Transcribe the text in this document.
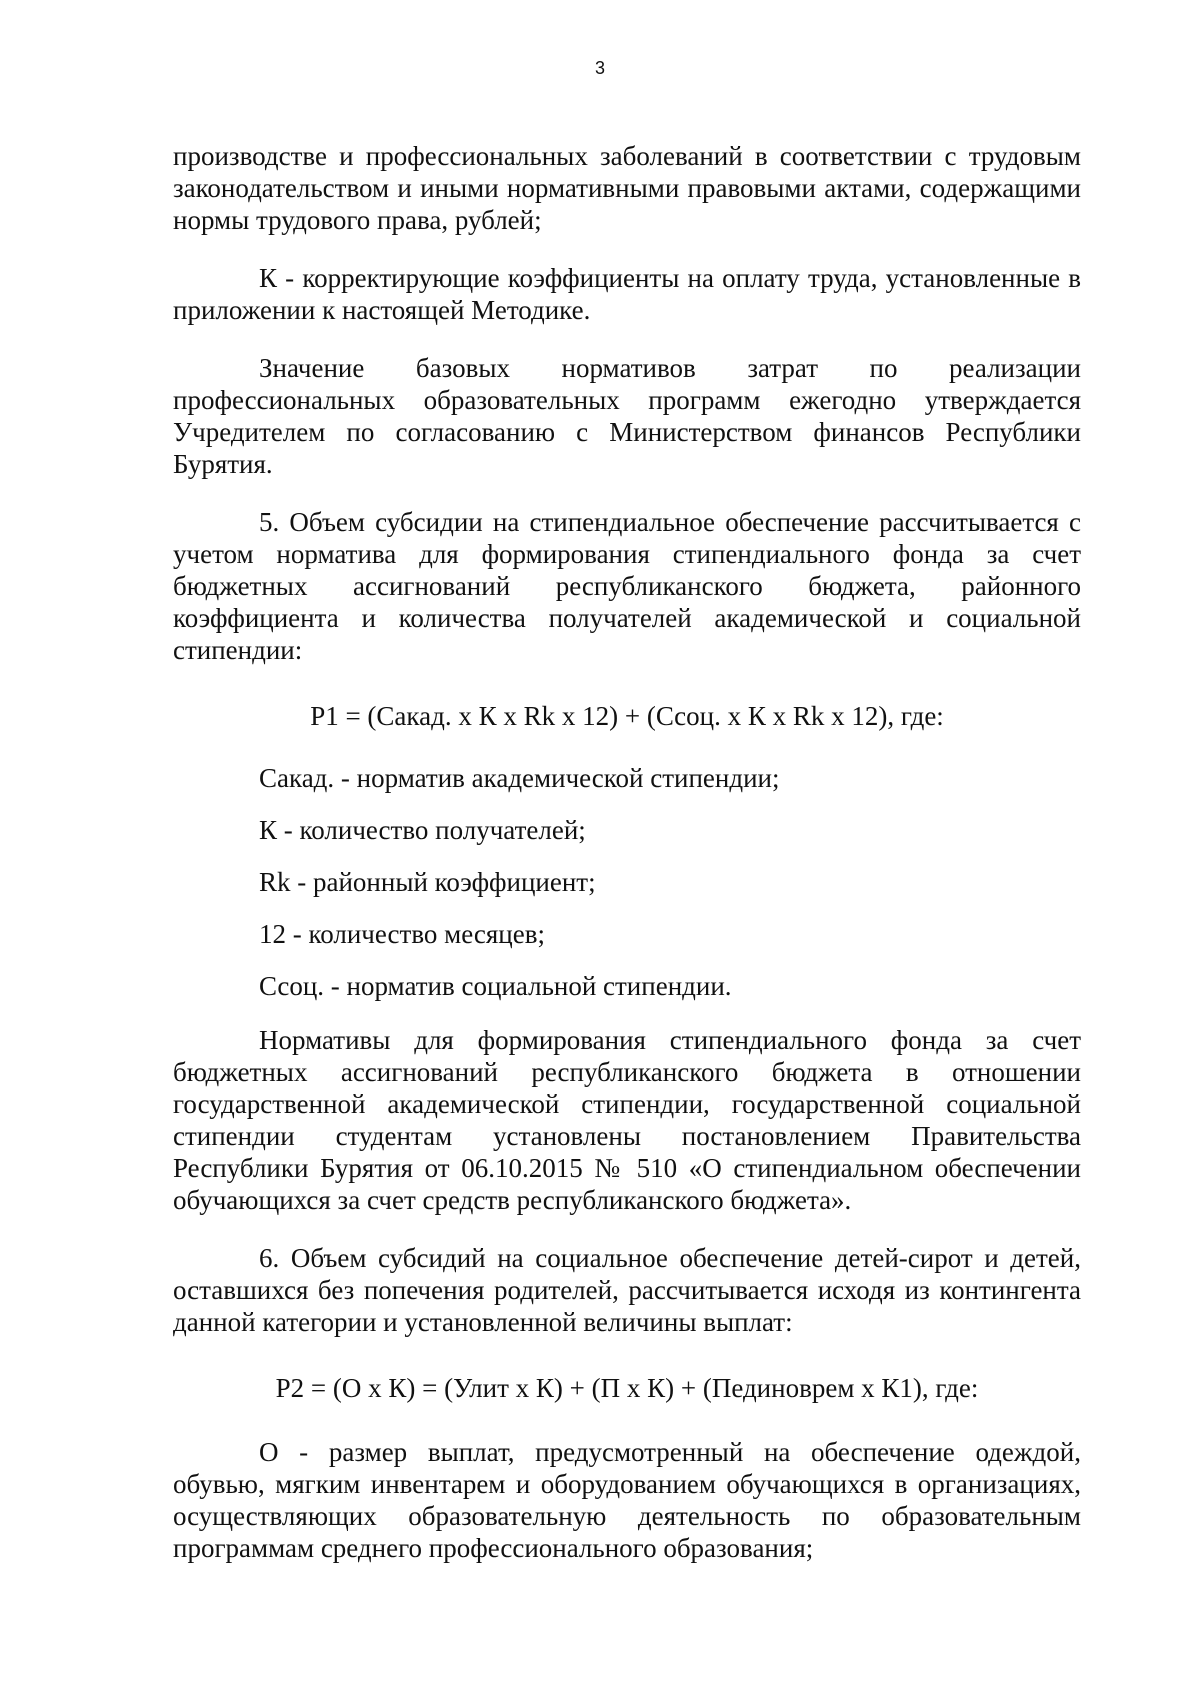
3

производстве и профессиональных заболеваний в соответствии с трудовым законодательством и иными нормативными правовыми актами, содержащими нормы трудового права, рублей;

К - корректирующие коэффициенты на оплату труда, установленные в приложении к настоящей Методике.

Значение базовых нормативов затрат по реализации профессиональных образовательных программ ежегодно утверждается Учредителем по согласованию с Министерством финансов Республики Бурятия.

5. Объем субсидии на стипендиальное обеспечение рассчитывается с учетом норматива для формирования стипендиального фонда за счет бюджетных ассигнований республиканского бюджета, районного коэффициента и количества получателей академической и социальной стипендии:

Р1 = (Сакад. х К х Rk х 12) + (Ссоц. х К х Rk х 12), где:

Сакад. - норматив академической стипендии;

К - количество получателей;

Rk - районный коэффициент;

12 - количество месяцев;

Ссоц. - норматив социальной стипендии.

Нормативы для формирования стипендиального фонда за счет бюджетных ассигнований республиканского бюджета в отношении государственной академической стипендии, государственной социальной стипендии студентам установлены постановлением Правительства Республики Бурятия от 06.10.2015 № 510 «О стипендиальном обеспечении обучающихся за счет средств республиканского бюджета».

6. Объем субсидий на социальное обеспечение детей-сирот и детей, оставшихся без попечения родителей, рассчитывается исходя из контингента данной категории и установленной величины выплат:

Р2 = (О х К) = (Улит х К) + (П х К) + (Пединоврем х К1), где:

О - размер выплат, предусмотренный на обеспечение одеждой, обувью, мягким инвентарем и оборудованием обучающихся в организациях, осуществляющих образовательную деятельность по образовательным программам среднего профессионального образования;
